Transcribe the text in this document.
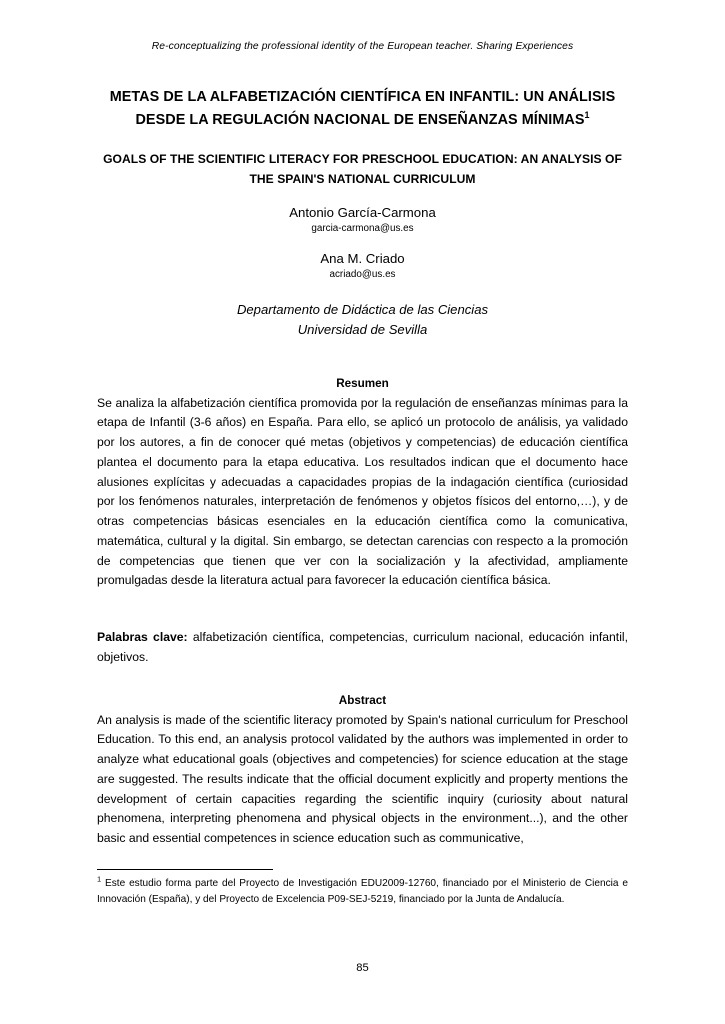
Re-conceptualizing the professional identity of the European teacher. Sharing Experiences
METAS DE LA ALFABETIZACIÓN CIENTÍFICA EN INFANTIL: UN ANÁLISIS DESDE LA REGULACIÓN NACIONAL DE ENSEÑANZAS MÍNIMAS$^1$
GOALS OF THE SCIENTIFIC LITERACY FOR PRESCHOOL EDUCATION: AN ANALYSIS OF THE SPAIN'S NATIONAL CURRICULUM
Antonio García-Carmona
garcia-carmona@us.es
Ana M. Criado
acriado@us.es
Departamento de Didáctica de las Ciencias
Universidad de Sevilla
Resumen

Se analiza la alfabetización científica promovida por la regulación de enseñanzas mínimas para la etapa de Infantil (3-6 años) en España. Para ello, se aplicó un protocolo de análisis, ya validado por los autores, a fin de conocer qué metas (objetivos y competencias) de educación científica plantea el documento para la etapa educativa. Los resultados indican que el documento hace alusiones explícitas y adecuadas a capacidades propias de la indagación científica (curiosidad por los fenómenos naturales, interpretación de fenómenos y objetos físicos del entorno,…), y de otras competencias básicas esenciales en la educación científica como la comunicativa, matemática, cultural y la digital. Sin embargo, se detectan carencias con respecto a la promoción de competencias que tienen que ver con la socialización y la afectividad, ampliamente promulgadas desde la literatura actual para favorecer la educación científica básica.

Palabras clave: alfabetización científica, competencias, curriculum nacional, educación infantil, objetivos.

Abstract

An analysis is made of the scientific literacy promoted by Spain's national curriculum for Preschool Education. To this end, an analysis protocol validated by the authors was implemented in order to analyze what educational goals (objectives and competencies) for science education at the stage are suggested. The results indicate that the official document explicitly and property mentions the development of certain capacities regarding the scientific inquiry (curiosity about natural phenomena, interpreting phenomena and physical objects in the environment...), and the other basic and essential competences in science education such as communicative,

$^1$ Este estudio forma parte del Proyecto de Investigación EDU2009-12760, financiado por el Ministerio de Ciencia e Innovación (España), y del Proyecto de Excelencia P09-SEJ-5219, financiado por la Junta de Andalucía.
85
